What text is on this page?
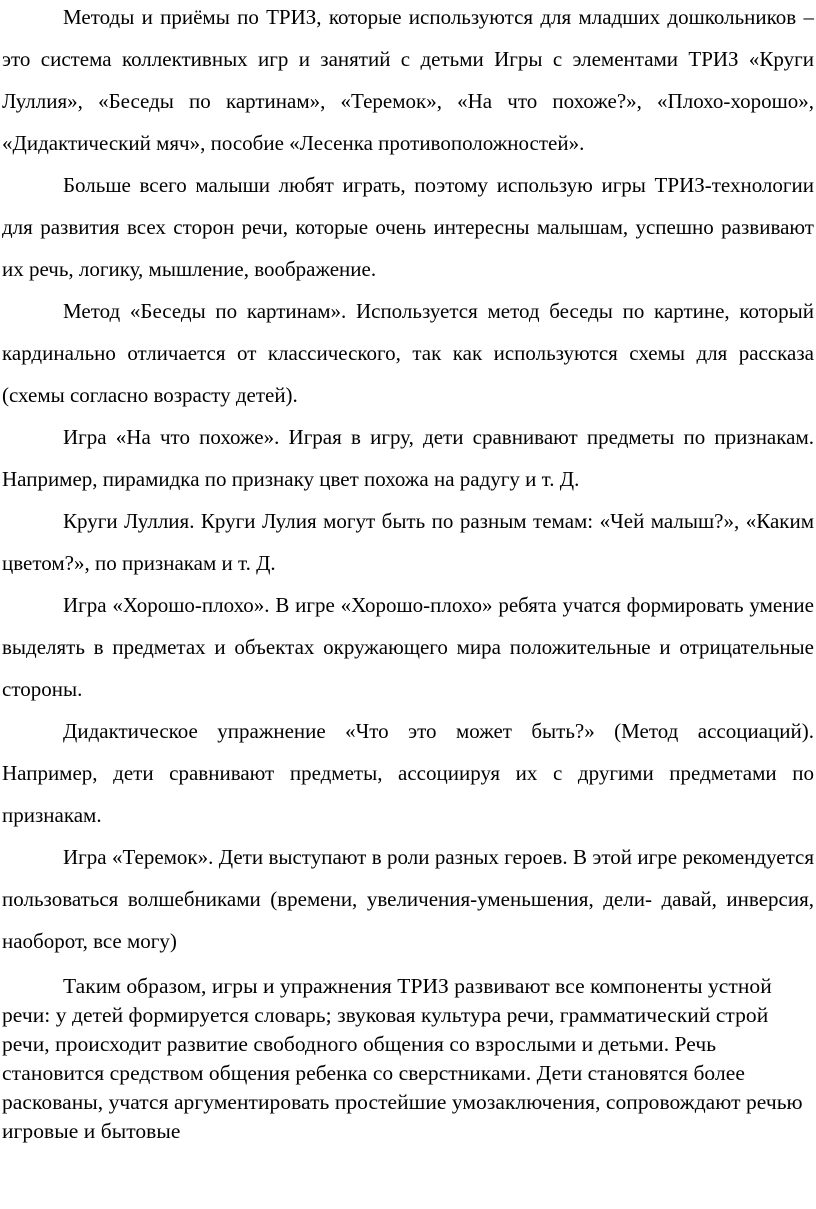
Методы и приёмы по ТРИЗ, которые используются для младших дошкольников – это система коллективных игр и занятий с детьми Игры с элементами ТРИЗ «Круги Луллия», «Беседы по картинам», «Теремок», «На что похоже?», «Плохо-хорошо», «Дидактический мяч», пособие «Лесенка противоположностей».

Больше всего малыши любят играть, поэтому использую игры ТРИЗ-технологии для развития всех сторон речи, которые очень интересны малышам, успешно развивают их речь, логику, мышление, воображение.

Метод «Беседы по картинам». Используется метод беседы по картине, который кардинально отличается от классического, так как используются схемы для рассказа (схемы согласно возрасту детей).

Игра «На что похоже». Играя в игру, дети сравнивают предметы по признакам. Например, пирамидка по признаку цвет похожа на радугу и т. Д.

Круги Луллия. Круги Лулия могут быть по разным темам: «Чей малыш?», «Каким цветом?», по признакам и т. Д.

Игра «Хорошо-плохо». В игре «Хорошо-плохо» ребята учатся формировать умение выделять в предметах и объектах окружающего мира положительные и отрицательные стороны.

Дидактическое упражнение «Что это может быть?» (Метод ассоциаций). Например, дети сравнивают предметы, ассоциируя их с другими предметами по признакам.

Игра «Теремок». Дети выступают в роли разных героев. В этой игре рекомендуется пользоваться волшебниками (времени, увеличения-уменьшения, дели- давай, инверсия, наоборот, все могу)

Таким образом, игры и упражнения ТРИЗ развивают все компоненты устной речи: у детей формируется словарь; звуковая культура речи, грамматический строй речи, происходит развитие свободного общения со взрослыми и детьми. Речь становится средством общения ребенка со сверстниками. Дети становятся более раскованы, учатся аргументировать простейшие умозаключения, сопровождают речью игровые и бытовые
